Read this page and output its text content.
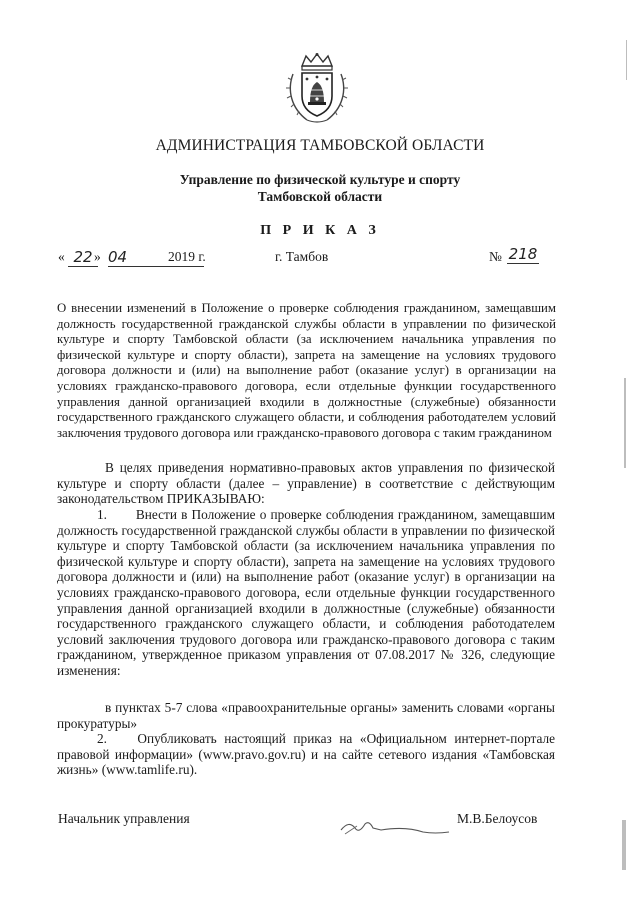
АДМИНИСТРАЦИЯ ТАМБОВСКОЙ ОБЛАСТИ
Управление по физической культуре и спорту
Тамбовской области
П Р И К А З
« 22 » 04	2019 г.	г. Тамбов	№ 218
О внесении изменений в Положение о проверке соблюдения гражданином, замещавшим должность государственной гражданской службы области в управлении по физической культуре и спорту Тамбовской области (за исключением начальника управления по физической культуре и спорту области), запрета на замещение на условиях трудового договора должности и (или) на выполнение работ (оказание услуг) в организации на условиях гражданско-правового договора, если отдельные функции государственного управления данной организацией входили в должностные (служебные) обязанности государственного гражданского служащего области, и соблюдения работодателем условий заключения трудового договора или гражданско-правового договора с таким гражданином
В целях приведения нормативно-правовых актов управления по физической культуре и спорту области (далее – управление) в соответствие с действующим законодательством ПРИКАЗЫВАЮ:
1.       Внести в Положение о проверке соблюдения гражданином, замещавшим должность государственной гражданской службы области в управлении по физической культуре и спорту Тамбовской области (за исключением начальника управления по физической культуре и спорту области), запрета на замещение на условиях трудового договора должности и (или) на выполнение работ (оказание услуг) в организации на условиях гражданско-правового договора, если отдельные функции государственного управления данной организацией входили в должностные (служебные) обязанности государственного гражданского служащего области, и соблюдения работодателем условий заключения трудового договора или гражданско-правового договора с таким гражданином, утвержденное приказом управления от 07.08.2017 № 326, следующие изменения:
в пунктах 5-7 слова «правоохранительные органы» заменить словами «органы прокуратуры»
2.    Опубликовать настоящий приказ на «Официальном интернет-портале правовой информации» (www.pravo.gov.ru) и на сайте сетевого издания «Тамбовская жизнь» (www.tamlife.ru).
Начальник управления	М.В.Белоусов
